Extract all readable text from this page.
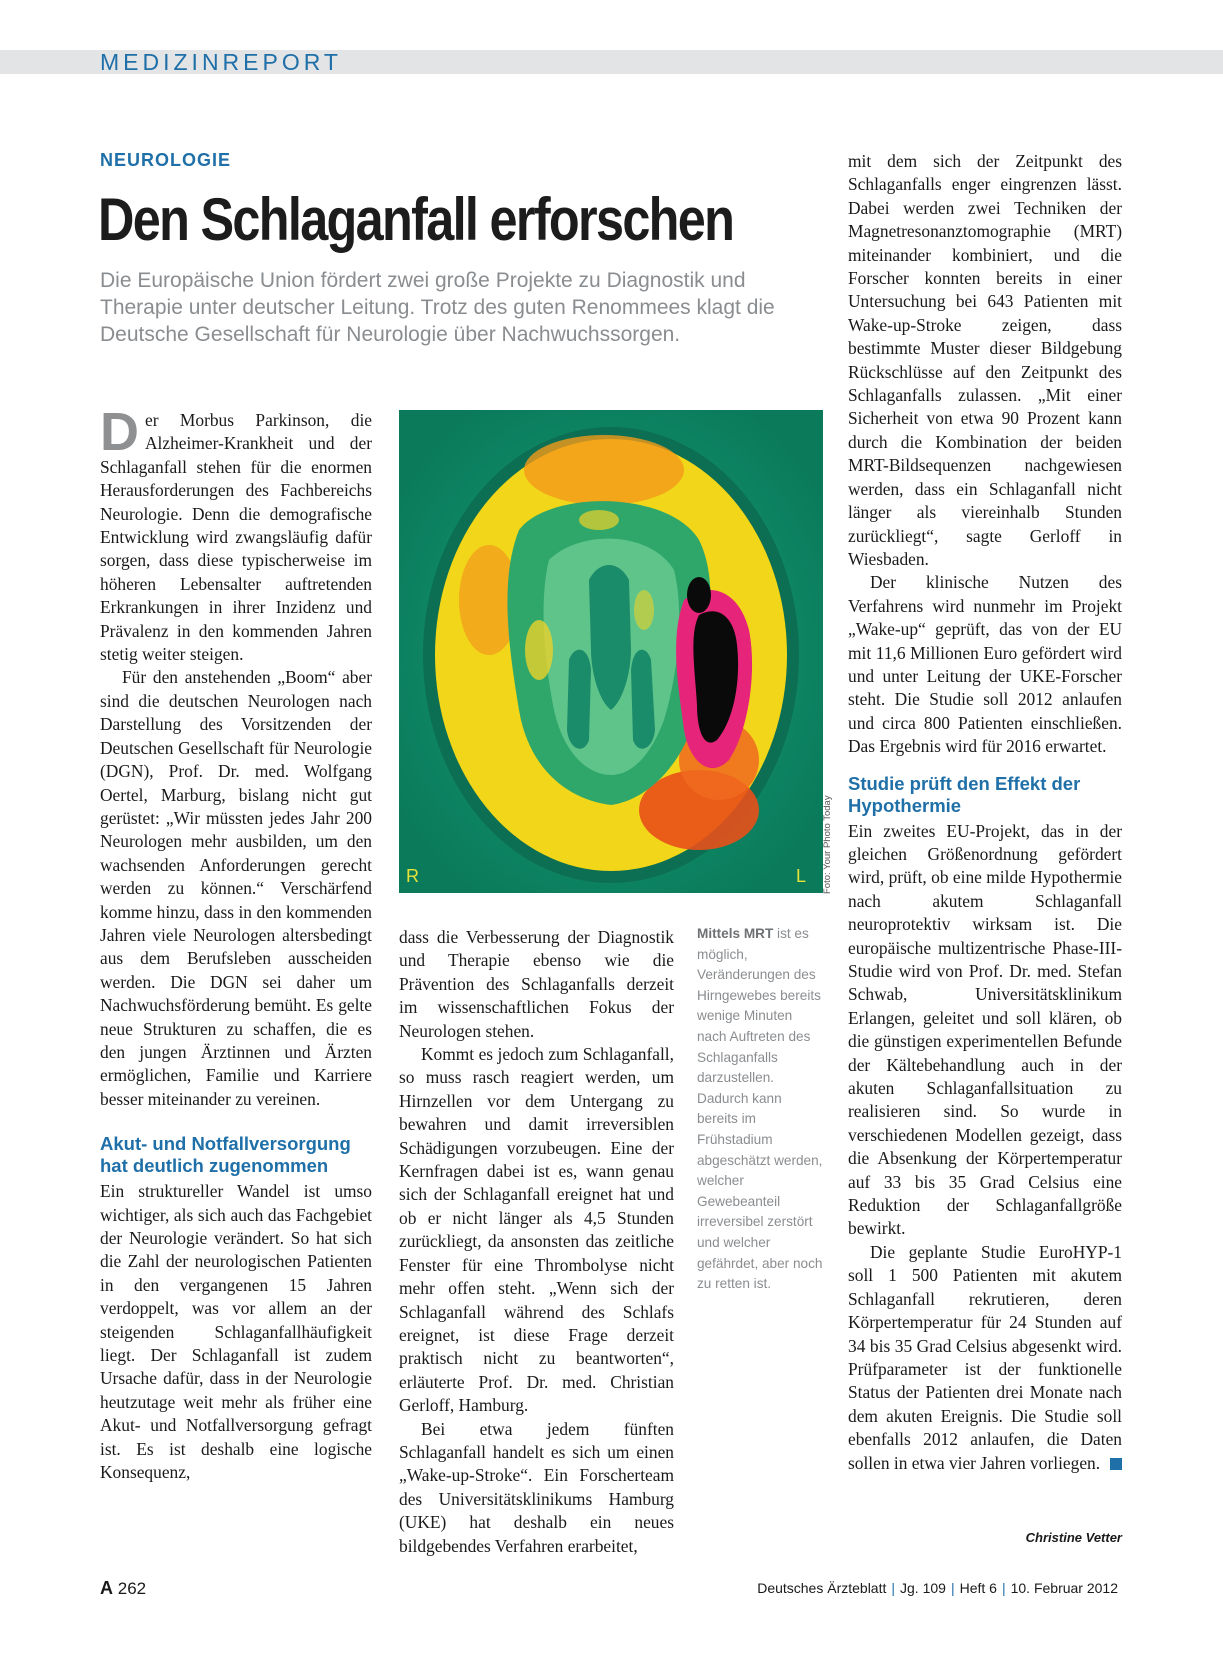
MEDIZINREPORT
NEUROLOGIE
Den Schlaganfall erforschen
Die Europäische Union fördert zwei große Projekte zu Diagnostik und Therapie unter deutscher Leitung. Trotz des guten Renommees klagt die Deutsche Gesellschaft für Neurologie über Nachwuchssorgen.

Der Morbus Parkinson, die Alzheimer-Krankheit und der Schlaganfall stehen für die enormen Herausforderungen des Fachbereichs Neurologie. Denn die demografische Entwicklung wird zwangsläufig dafür sorgen, dass diese typischerweise im höheren Lebensalter auftretenden Erkrankungen in ihrer Inzidenz und Prävalenz in den kommenden Jahren stetig weiter steigen.

Für den anstehenden „Boom“ aber sind die deutschen Neurologen nach Darstellung des Vorsitzenden der Deutschen Gesellschaft für Neurologie (DGN), Prof. Dr. med. Wolfgang Oertel, Marburg, bislang nicht gut gerüstet: „Wir müssten jedes Jahr 200 Neurologen mehr ausbilden, um den wachsenden Anforderungen gerecht werden zu können.“ Verschärfend komme hinzu, dass in den kommenden Jahren viele Neurologen altersbedingt aus dem Berufsleben ausscheiden werden. Die DGN sei daher um Nachwuchsförderung bemüht. Es gelte neue Strukturen zu schaffen, die es den jungen Ärztinnen und Ärzten ermöglichen, Familie und Karriere besser miteinander zu vereinen.

Akut- und Notfallversorgung hat deutlich zugenommen

Ein struktureller Wandel ist umso wichtiger, als sich auch das Fachgebiet der Neurologie verändert. So hat sich die Zahl der neurologischen Patienten in den vergangenen 15 Jahren verdoppelt, was vor allem an der steigenden Schlaganfallhäufigkeit liegt. Der Schlaganfall ist zudem Ursache dafür, dass in der Neurologie heutzutage weit mehr als früher eine Akut- und Notfallversorgung gefragt ist. Es ist deshalb eine logische Konsequenz,

R	L Foto: Your Photo Today
Mittels MRT ist es möglich, Veränderungen des Hirngewebes bereits wenige Minuten nach Auftreten des Schlaganfalls darzustellen. Dadurch kann bereits im Frühstadium abgeschätzt werden, welcher Gewebeanteil irreversibel zerstört und welcher gefährdet, aber noch zu retten ist.

dass die Verbesserung der Diagnostik und Therapie ebenso wie die Prävention des Schlaganfalls derzeit im wissenschaftlichen Fokus der Neurologen stehen.

Kommt es jedoch zum Schlaganfall, so muss rasch reagiert werden, um Hirnzellen vor dem Untergang zu bewahren und damit irreversiblen Schädigungen vorzubeugen. Eine der Kernfragen dabei ist es, wann genau sich der Schlaganfall ereignet hat und ob er nicht länger als 4,5 Stunden zurückliegt, da ansonsten das zeitliche Fenster für eine Thrombolyse nicht mehr offen steht. „Wenn sich der Schlaganfall während des Schlafs ereignet, ist diese Frage derzeit praktisch nicht zu beantworten“, erläuterte Prof. Dr. med. Christian Gerloff, Hamburg.

Bei etwa jedem fünften Schlaganfall handelt es sich um einen „Wake-up-Stroke“. Ein Forscherteam des Universitätsklinikums Hamburg (UKE) hat deshalb ein neues bildgebendes Verfahren erarbeitet,

mit dem sich der Zeitpunkt des Schlaganfalls enger eingrenzen lässt. Dabei werden zwei Techniken der Magnetresonanztomographie (MRT) miteinander kombiniert, und die Forscher konnten bereits in einer Untersuchung bei 643 Patienten mit Wake-up-Stroke zeigen, dass bestimmte Muster dieser Bildgebung Rückschlüsse auf den Zeitpunkt des Schlaganfalls zulassen. „Mit einer Sicherheit von etwa 90 Prozent kann durch die Kombination der beiden MRT-Bildsequenzen nachgewiesen werden, dass ein Schlaganfall nicht länger als viereinhalb Stunden zurückliegt“, sagte Gerloff in Wiesbaden.

Der klinische Nutzen des Verfahrens wird nunmehr im Projekt „Wake-up“ geprüft, das von der EU mit 11,6 Millionen Euro gefördert wird und unter Leitung der UKE-Forscher steht. Die Studie soll 2012 anlaufen und circa 800 Patienten einschließen. Das Ergebnis wird für 2016 erwartet.

Studie prüft den Effekt der Hypothermie

Ein zweites EU-Projekt, das in der gleichen Größenordnung gefördert wird, prüft, ob eine milde Hypothermie nach akutem Schlaganfall neuroprotektiv wirksam ist. Die europäische multizentrische Phase-III-Studie wird von Prof. Dr. med. Stefan Schwab, Universitätsklinikum Erlangen, geleitet und soll klären, ob die günstigen experimentellen Befunde der Kältebehandlung auch in der akuten Schlaganfallsituation zu realisieren sind. So wurde in verschiedenen Modellen gezeigt, dass die Absenkung der Körpertemperatur auf 33 bis 35 Grad Celsius eine Reduktion der Schlaganfallgröße bewirkt.

Die geplante Studie EuroHYP-1 soll 1 500 Patienten mit akutem Schlaganfall rekrutieren, deren Körpertemperatur für 24 Stunden auf 34 bis 35 Grad Celsius abgesenkt wird. Prüfparameter ist der funktionelle Status der Patienten drei Monate nach dem akuten Ereignis. Die Studie soll ebenfalls 2012 anlaufen, die Daten sollen in etwa vier Jahren vorliegen.

Christine Vetter
A 262	Deutsches Ärzteblatt | Jg. 109 | Heft 6 | 10. Februar 2012
